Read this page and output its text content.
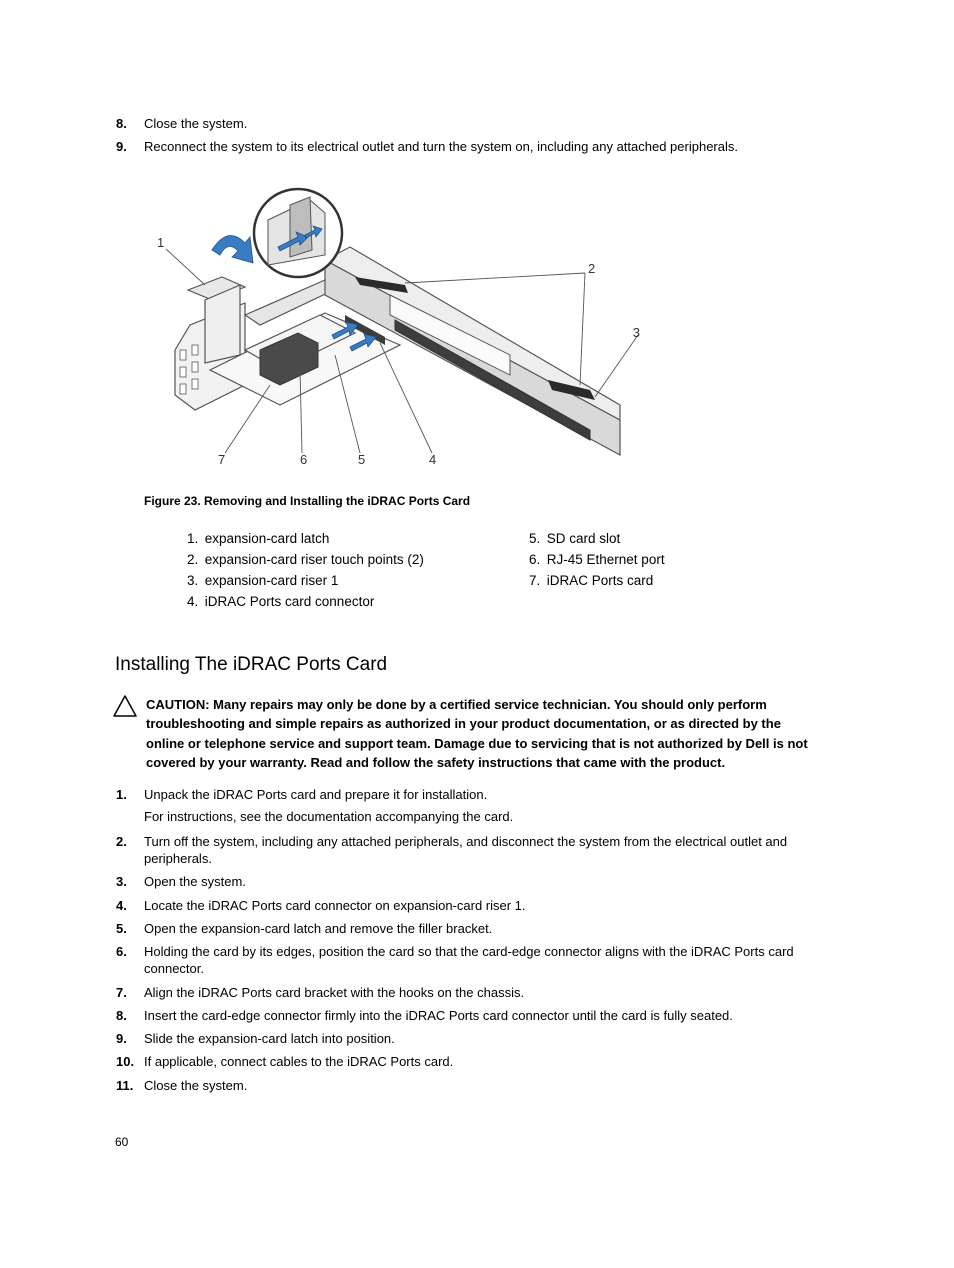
8.	Close the system.
9.	Reconnect the system to its electrical outlet and turn the system on, including any attached peripherals.
1
2
3
7	6	5	4
Figure 23. Removing and Installing the iDRAC Ports Card
1. expansion-card latch
2. expansion-card riser touch points (2)
3. expansion-card riser 1
4. iDRAC Ports card connector
5. SD card slot
6. RJ-45 Ethernet port
7. iDRAC Ports card
Installing The iDRAC Ports Card
CAUTION: Many repairs may only be done by a certified service technician. You should only perform troubleshooting and simple repairs as authorized in your product documentation, or as directed by the online or telephone service and support team. Damage due to servicing that is not authorized by Dell is not covered by your warranty. Read and follow the safety instructions that came with the product.
1.	Unpack the iDRAC Ports card and prepare it for installation.
For instructions, see the documentation accompanying the card.
2.	Turn off the system, including any attached peripherals, and disconnect the system from the electrical outlet and peripherals.
3.	Open the system.
4.	Locate the iDRAC Ports card connector on expansion-card riser 1.
5.	Open the expansion-card latch and remove the filler bracket.
6.	Holding the card by its edges, position the card so that the card-edge connector aligns with the iDRAC Ports card connector.
7.	Align the iDRAC Ports card bracket with the hooks on the chassis.
8.	Insert the card-edge connector firmly into the iDRAC Ports card connector until the card is fully seated.
9.	Slide the expansion-card latch into position.
10. If applicable, connect cables to the iDRAC Ports card.
11. Close the system.
60
